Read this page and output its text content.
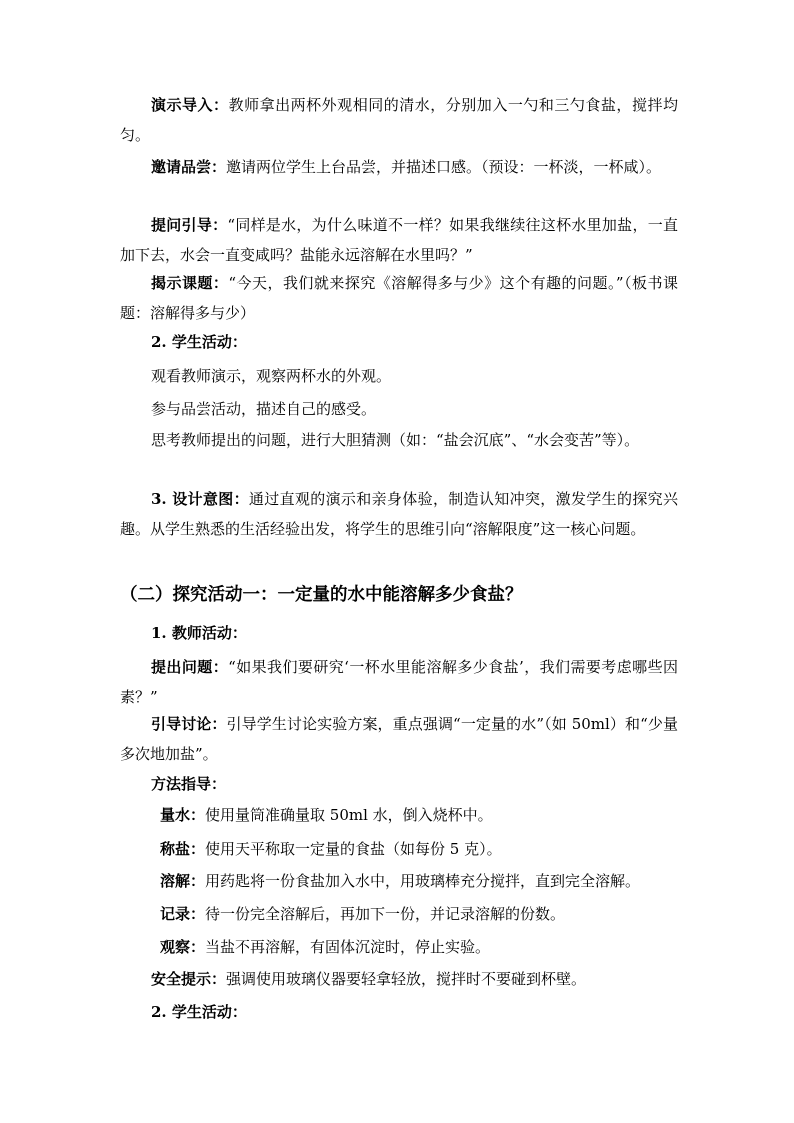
演示导入：教师拿出两杯外观相同的清水，分别加入一勺和三勺食盐，搅拌均匀。

邀请品尝：邀请两位学生上台品尝，并描述口感。（预设：一杯淡，一杯咸）。

提问引导：“同样是水，为什么味道不一样？如果我继续往这杯水里加盐，一直加下去，水会一直变咸吗？盐能永远溶解在水里吗？”

揭示课题：“今天，我们就来探究《溶解得多与少》这个有趣的问题。”（板书课题：溶解得多与少）

2. 学生活动：

观看教师演示，观察两杯水的外观。

参与品尝活动，描述自己的感受。

思考教师提出的问题，进行大胆猜测（如：“盐会沉底”、“水会变苦”等）。

3. 设计意图：通过直观的演示和亲身体验，制造认知冲突，激发学生的探究兴趣。从学生熟悉的生活经验出发，将学生的思维引向“溶解限度”这一核心问题。

（二）探究活动一：一定量的水中能溶解多少食盐？

1. 教师活动：

提出问题：“如果我们要研究‘一杯水里能溶解多少食盐’，我们需要考虑哪些因素？”

引导讨论：引导学生讨论实验方案，重点强调“一定量的水”（如 50ml）和“少量多次地加盐”。

方法指导：

量水：使用量筒准确量取 50ml 水，倒入烧杯中。

称盐：使用天平称取一定量的食盐（如每份 5 克）。

溶解：用药匙将一份食盐加入水中，用玻璃棒充分搅拌，直到完全溶解。

记录：待一份完全溶解后，再加下一份，并记录溶解的份数。

观察：当盐不再溶解，有固体沉淀时，停止实验。

安全提示：强调使用玻璃仪器要轻拿轻放，搅拌时不要碰到杯壁。

2. 学生活动：
